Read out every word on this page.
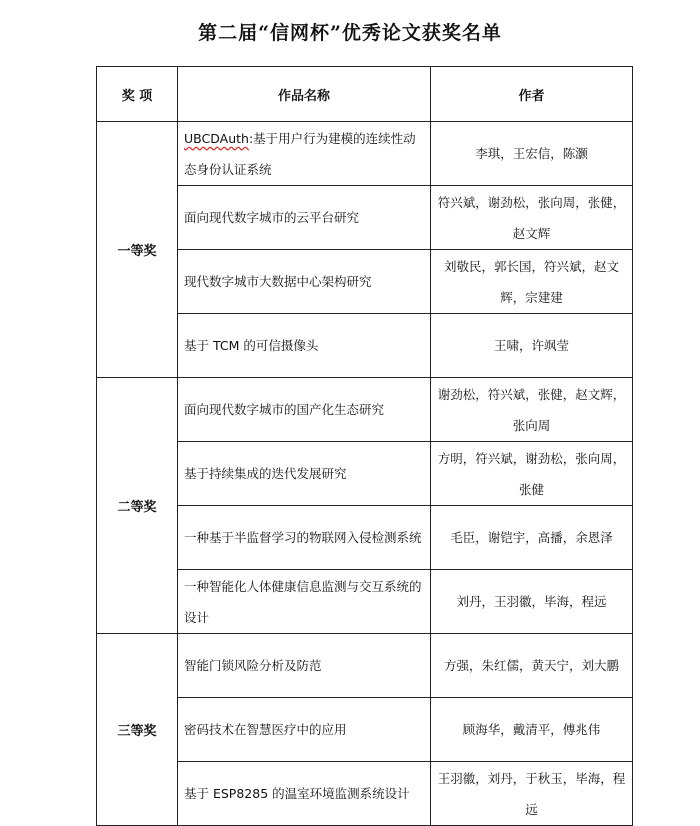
第二届“信网杯”优秀论文获奖名单
奖 项	作品名称	作者
一等奖	UBCDAuth:基于用户行为建模的连续性动态身份认证系统	李琪，王宏信，陈灏
	面向现代数字城市的云平台研究	符兴斌，谢劲松，张向周，张健，赵文辉
	现代数字城市大数据中心架构研究	刘敬民，郭长国，符兴斌，赵文辉，宗建建
	基于 TCM 的可信摄像头	王啸，许飒莹
二等奖	面向现代数字城市的国产化生态研究	谢劲松，符兴斌，张健，赵文辉，张向周
	基于持续集成的迭代发展研究	方明，符兴斌，谢劲松，张向周，张健
	一种基于半监督学习的物联网入侵检测系统	毛臣，谢铠宇，高播，余恩泽
	一种智能化人体健康信息监测与交互系统的设计	刘丹，王羽徽，毕海，程远
三等奖	智能门锁风险分析及防范	方强，朱红儒，黄天宁，刘大鹏
	密码技术在智慧医疗中的应用	顾海华，戴清平，傅兆伟
	基于 ESP8285 的温室环境监测系统设计	王羽徽，刘丹，于秋玉，毕海，程远
